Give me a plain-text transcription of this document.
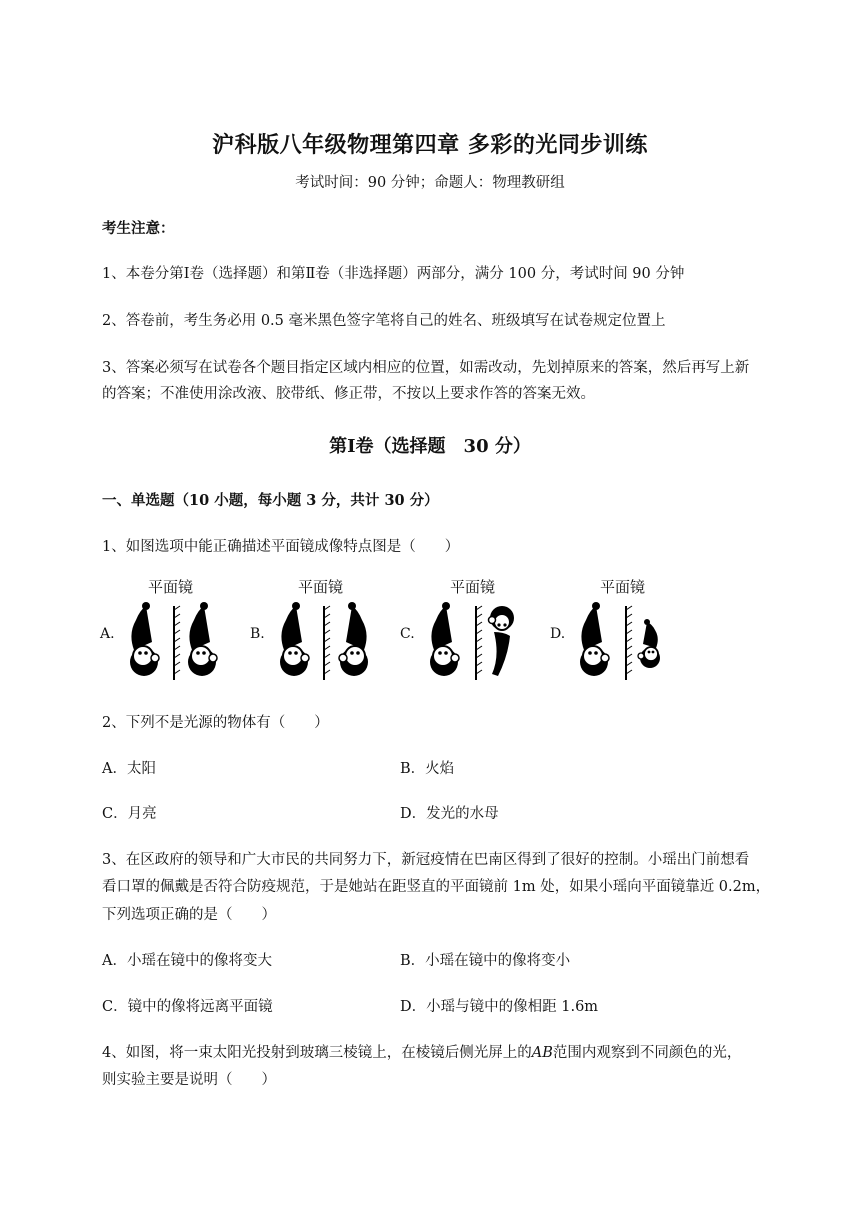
沪科版八年级物理第四章 多彩的光同步训练
考试时间：90 分钟；命题人：物理教研组
考生注意：
1、本卷分第Ⅰ卷（选择题）和第Ⅱ卷（非选择题）两部分，满分 100 分，考试时间 90 分钟
2、答卷前，考生务必用 0.5 毫米黑色签字笔将自己的姓名、班级填写在试卷规定位置上
3、答案必须写在试卷各个题目指定区域内相应的位置，如需改动，先划掉原来的答案，然后再写上新
的答案；不准使用涂改液、胶带纸、修正带，不按以上要求作答的答案无效。
第Ⅰ卷（选择题　30 分）
一、单选题（10 小题，每小题 3 分，共计 30 分）
1、如图选项中能正确描述平面镜成像特点图是（　　）
平面镜
A.
平面镜
B.
平面镜
C.
平面镜
D.
2、下列不是光源的物体有（　　）
A．太阳	B．火焰
C．月亮	D．发光的水母
3、在区政府的领导和广大市民的共同努力下，新冠疫情在巴南区得到了很好的控制。小瑶出门前想看
看口罩的佩戴是否符合防疫规范，于是她站在距竖直的平面镜前 1m 处，如果小瑶向平面镜靠近 0.2m，
下列选项正确的是（　　）
A．小瑶在镜中的像将变大	B．小瑶在镜中的像将变小
C．镜中的像将远离平面镜	D．小瑶与镜中的像相距 1.6m
4、如图，将一束太阳光投射到玻璃三棱镜上，在棱镜后侧光屏上的AB范围内观察到不同颜色的光，
则实验主要是说明（　　）
